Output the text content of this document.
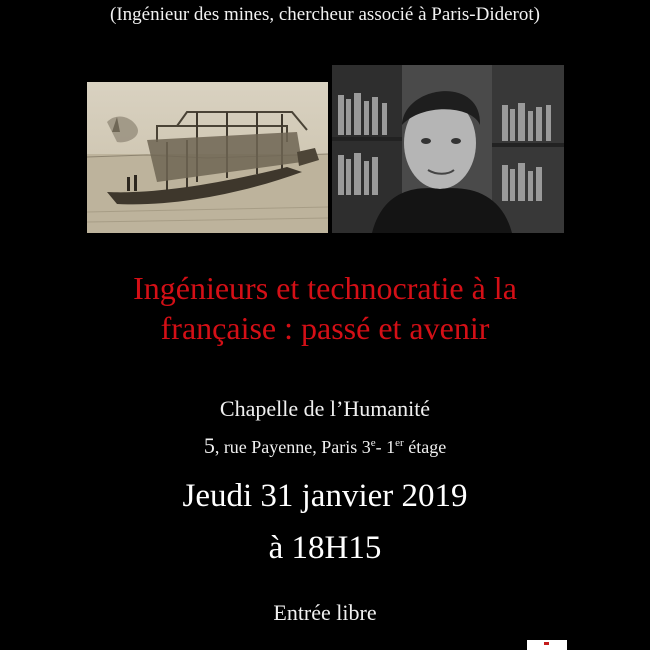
(Ingénieur des mines, chercheur associé à Paris-Diderot)
Ingénieurs et technocratie à la
française : passé et avenir
Chapelle de l’Humanité
5, rue Payenne, Paris 3e- 1er étage
Jeudi 31 janvier 2019
à 18H15
Entrée libre
